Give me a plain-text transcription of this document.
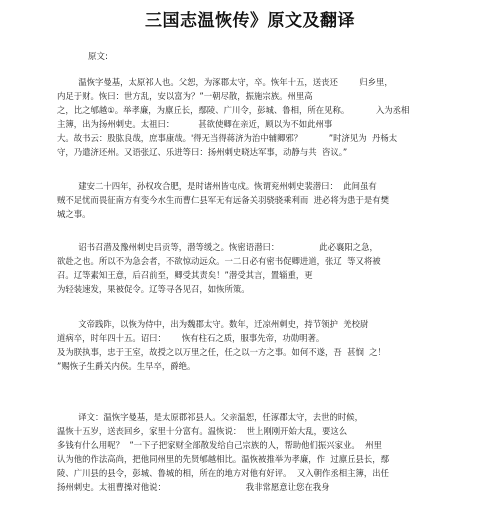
三国志温恢传》原文及翻译
原文:
温恢字曼基，太原祁人也。父恕，为涿郡太守，卒。恢年十五，送丧还        归乡里，
内足于财。恢曰：世方乱，安以富为？”一朝尽散，振施宗族。州里高
之，比之郇越①。举孝廉，为廪丘长，鄢陵、广川令，彭城、鲁相，所在见称。          入为丞相
主簿，出为扬州刺史。太祖曰：         甚欲使卿在亲近，顾以为不如此州事
大。故书云：股肱良哉，庶事康哉。'得无当得蒋济为治中辅卿邪？          ”时济见为  丹杨太
守，乃遣济还州。又语张辽、乐进等曰：扬州刺史晓达军事，动静与共  咨议。”
建安二十四年，孙权攻合肥，是时诸州皆屯戍。恢谓兖州刺史裴潜曰：  此间虽有
贼不足忧而畏征南方有变今水生而曹仁县军无有远备关羽骁骁乘利而  进必将为患于是有樊
城之事。
诏书召潜及豫州刺史吕贡等，潜等缓之。恢密语潜曰：               此必襄阳之急，
欲赴之也。所以不为急会者，不欲惊动远众。一二日必有密书促卿进道，张辽  等又将被
召。辽等素知王意，后召前至，卿受其责矣！”潜受其言，置辎重，更
为轻装速发，果被促令。辽等寻各见召，如恢所策。
文帝践阼，以恢为侍中，出为魏郡太守。数年，迁凉州刺史，持节领护  羌校尉
道病卒，时年四十五。诏曰：      恢有柱石之质，服事先帝，功勋明著。
及为朕执事，忠于王室，故授之以万里之任，任之以一方之事。如何不遂，吾  甚悯  之！
”赐恢子生爵关内侯。生早卒，爵绝。
译文：温恢字曼基，是太原郡祁县人。父亲温恕，任涿郡太守，去世的时候，
温恢十五岁，送丧回乡，家里十分富有。温恢说：  世上刚刚开始大乱，要这么
多钱有什么用呢？  ”一下子把家财全部散发给自己宗族的人，帮助他们振兴家业。  州里
认为他的作法高尚，把他同州里的先贤郇越相比。温恢被推举为孝廉，作  过廪丘县长，鄢
陵、广川县的县令，彭城、鲁城的相，所在的地方对他有好评。  又入朝作丞相主簿，出任
扬州刺史。太祖曹操对他说：                              我非常愿意让您在我身
